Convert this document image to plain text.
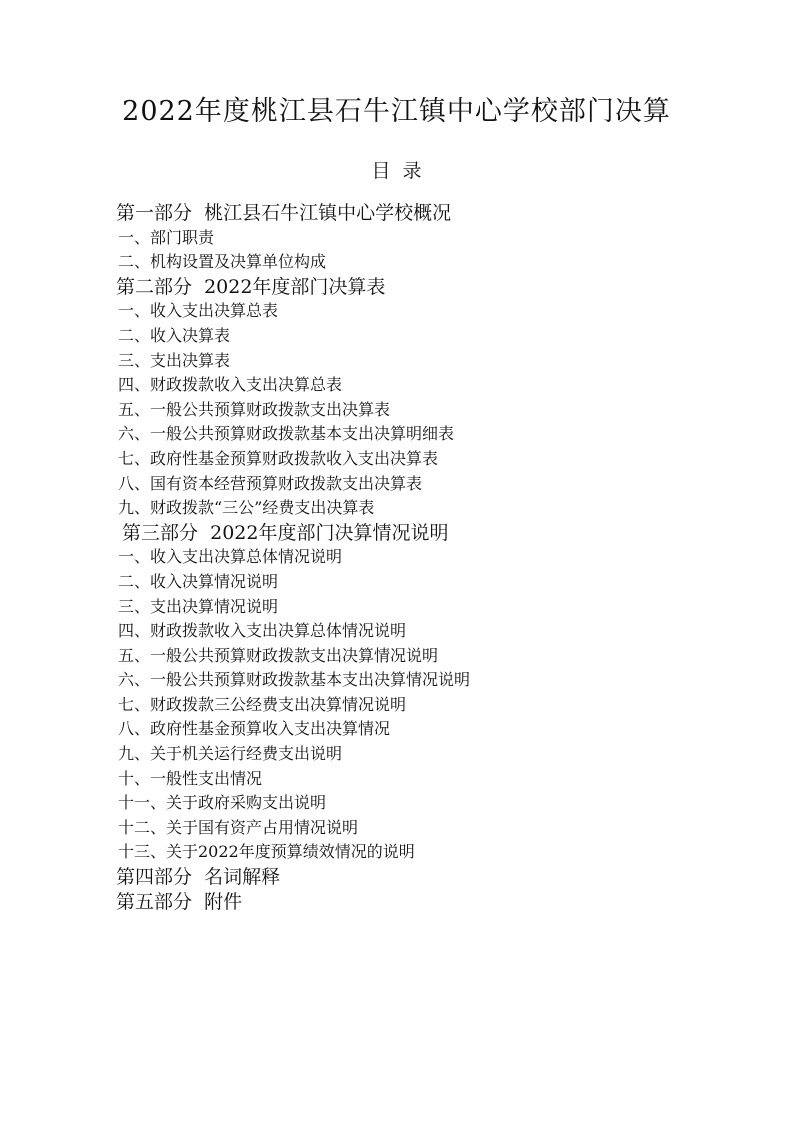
2022年度桃江县石牛江镇中心学校部门决算
目  录
第一部分  桃江县石牛江镇中心学校概况
一、部门职责
二、机构设置及决算单位构成
第二部分  2022年度部门决算表
一、收入支出决算总表
二、收入决算表
三、支出决算表
四、财政拨款收入支出决算总表
五、一般公共预算财政拨款支出决算表
六、一般公共预算财政拨款基本支出决算明细表
七、政府性基金预算财政拨款收入支出决算表
八、国有资本经营预算财政拨款支出决算表
九、财政拨款“三公”经费支出决算表
第三部分  2022年度部门决算情况说明
一、收入支出决算总体情况说明
二、收入决算情况说明
三、支出决算情况说明
四、财政拨款收入支出决算总体情况说明
五、一般公共预算财政拨款支出决算情况说明
六、一般公共预算财政拨款基本支出决算情况说明
七、财政拨款三公经费支出决算情况说明
八、政府性基金预算收入支出决算情况
九、关于机关运行经费支出说明
十、一般性支出情况
十一、关于政府采购支出说明
十二、关于国有资产占用情况说明
十三、关于2022年度预算绩效情况的说明
第四部分  名词解释
第五部分  附件
